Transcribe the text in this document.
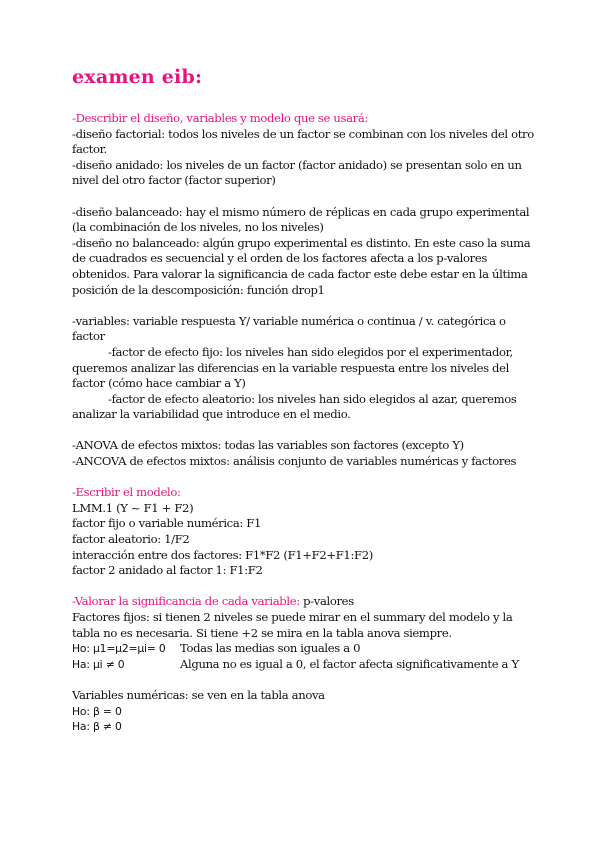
examen eib:

-Describir el diseño, variables y modelo que se usará:

-diseño factorial: todos los niveles de un factor se combinan con los niveles del otro factor.

-diseño anidado: los niveles de un factor (factor anidado) se presentan solo en un nivel del otro factor (factor superior)

-diseño balanceado: hay el mismo número de réplicas en cada grupo experimental (la combinación de los niveles, no los niveles)

-diseño no balanceado: algún grupo experimental es distinto. En este caso la suma de cuadrados es secuencial y el orden de los factores afecta a los p-valores obtenidos. Para valorar la significancia de cada factor este debe estar en la última posición de la descomposición: función drop1

-variables: variable respuesta Y/ variable numérica o continua / v. categórica o factor

-factor de efecto fijo: los niveles han sido elegidos por el experimentador, queremos analizar las diferencias en la variable respuesta entre los niveles del factor (cómo hace cambiar a Y)

-factor de efecto aleatorio: los niveles han sido elegidos al azar, queremos analizar la variabilidad que introduce en el medio.

-ANOVA de efectos mixtos: todas las variables son factores (excepto Y)

-ANCOVA de efectos mixtos: análisis conjunto de variables numéricas y factores

-Escribir el modelo:

LMM.1 (Y ~ F1 + F2)

factor fijo o variable numérica: F1

factor aleatorio: 1/F2

interacción entre dos factores: F1*F2 (F1+F2+F1:F2)

factor 2 anidado al factor 1: F1:F2

-Valorar la significancia de cada variable: p-valores

Factores fijos: si tienen 2 niveles se puede mirar en el summary del modelo y la tabla no es necesaria. Si tiene +2 se mira en la tabla anova siempre.

Ho: μ1=μ2=μi= 0 Todas las medias son iguales a 0

Ha: μi ≠ 0	Alguna no es igual a 0, el factor afecta significativamente a Y

Variables numéricas: se ven en la tabla anova

Ho: β = 0

Ha: β ≠ 0
